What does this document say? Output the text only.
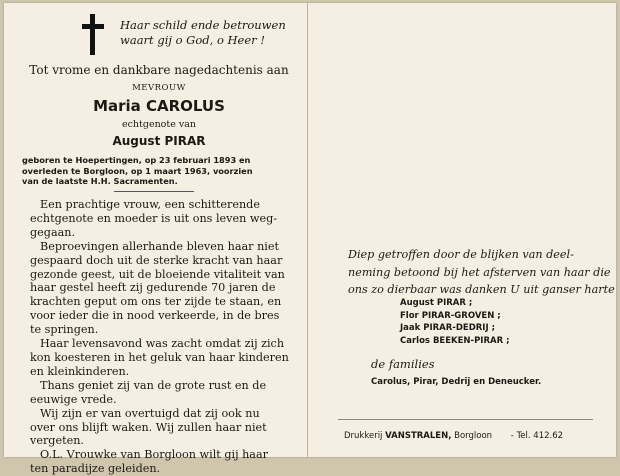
Haar schild ende betrouwen
waart gij o God, o Heer !
Tot vrome en dankbare nagedachtenis aan
MEVROUW
Maria CAROLUS
echtgenote van
August PIRAR
geboren te Hoepertingen, op 23 februari 1893 en
overleden te Borgloon, op 1 maart 1963, voorzien
van de laatste H.H. Sacramenten.
Een prachtige vrouw, een schitterende
echtgenote en moeder is uit ons leven weg-
gegaan.
Beproevingen allerhande bleven haar niet
gespaard doch uit de sterke kracht van haar
gezonde geest, uit de bloeiende vitaliteit van
haar gestel heeft zij gedurende 70 jaren de
krachten geput om ons ter zijde te staan, en
voor ieder die in nood verkeerde, in de bres
te springen.
Haar levensavond was zacht omdat zij zich
kon koesteren in het geluk van haar kinderen
en kleinkinderen.
Thans geniet zij van de grote rust en de
eeuwige vrede.
Wij zijn er van overtuigd dat zij ook nu
over ons blijft waken. Wij zullen haar niet
vergeten.
O.L. Vrouwke van Borgloon wilt gij haar
ten paradijze geleiden.
Diep getroffen door de blijken van deel-
neming betoond bij het afsterven van haar die
ons zo dierbaar was danken U uit ganser harte
August PIRAR ;
Flor PIRAR-GROVEN ;
Jaak PIRAR-DEDRIJ ;
Carlos BEEKEN-PIRAR ;
de families
Carolus, Pirar, Dedrij en Deneucker.
Drukkerij VANSTRALEN, Borgloon - Tel. 412.62
